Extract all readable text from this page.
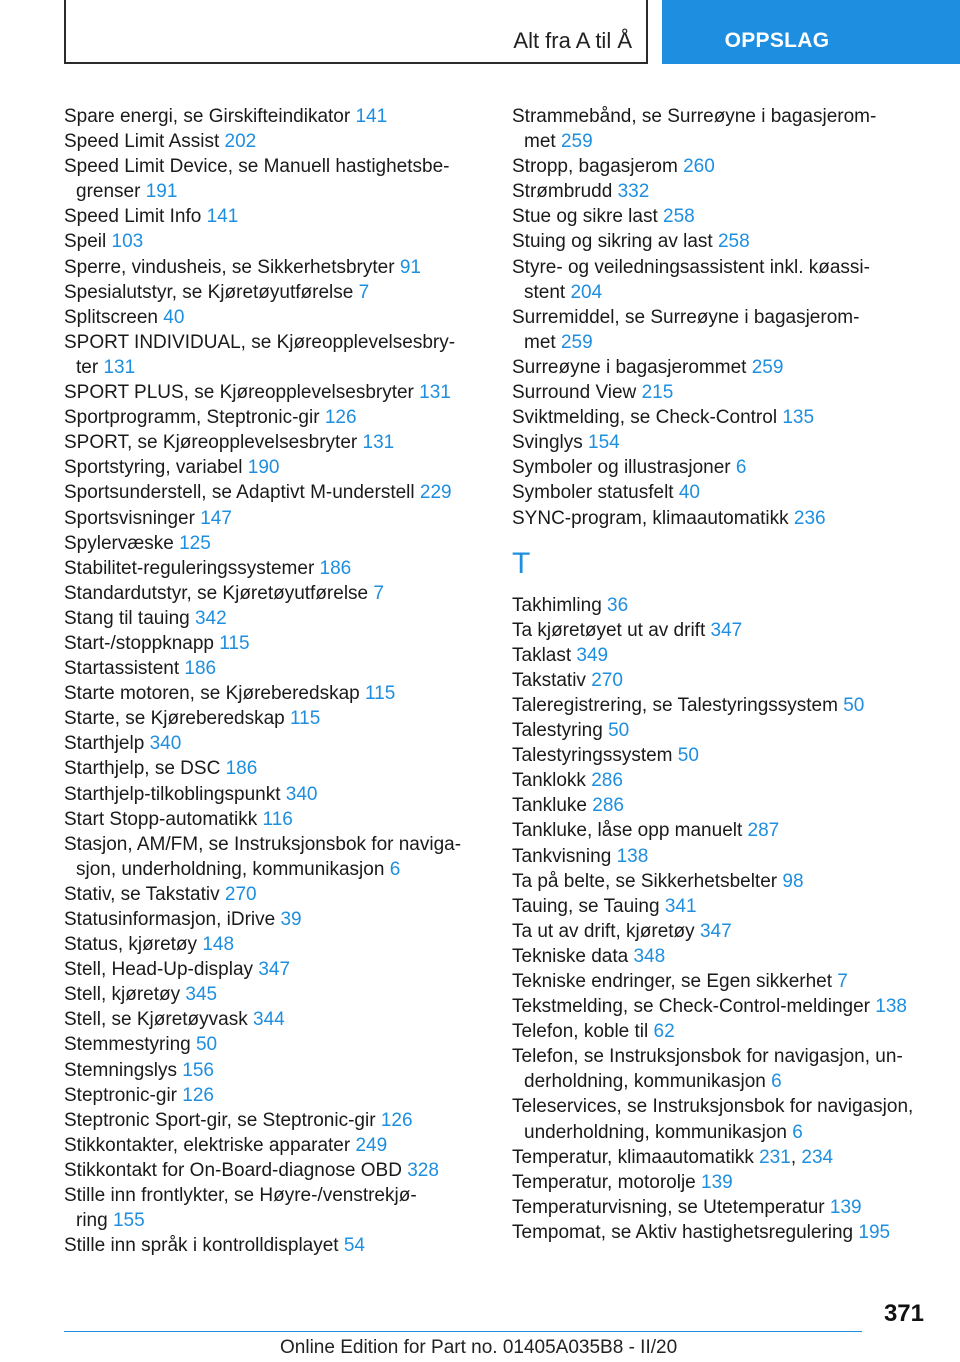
Alt fra A til Å	OPPSLAG
Spare energi, se Girskifteindikator 141
Speed Limit Assist 202
Speed Limit Device, se Manuell hastighetsbe-
grenser 191
Speed Limit Info 141
Speil 103
Sperre, vindusheis, se Sikkerhetsbryter 91
Spesialutstyr, se Kjøretøyutførelse 7
Splitscreen 40
SPORT INDIVIDUAL, se Kjøreopplevelsesbry-
ter 131
SPORT PLUS, se Kjøreopplevelsesbryter 131
Sportprogramm, Steptronic-gir 126
SPORT, se Kjøreopplevelsesbryter 131
Sportstyring, variabel 190
Sportsunderstell, se Adaptivt M-understell 229
Sportsvisninger 147
Spylervæske 125
Stabilitet-reguleringssystemer 186
Standardutstyr, se Kjøretøyutførelse 7
Stang til tauing 342
Start-/stoppknapp 115
Startassistent 186
Starte motoren, se Kjøreberedskap 115
Starte, se Kjøreberedskap 115
Starthjelp 340
Starthjelp, se DSC 186
Starthjelp-tilkoblingspunkt 340
Start Stopp-automatikk 116
Stasjon, AM/FM, se Instruksjonsbok for naviga-
sjon, underholdning, kommunikasjon 6
Stativ, se Takstativ 270
Statusinformasjon, iDrive 39
Status, kjøretøy 148
Stell, Head-Up-display 347
Stell, kjøretøy 345
Stell, se Kjøretøyvask 344
Stemmestyring 50
Stemningslys 156
Steptronic-gir 126
Steptronic Sport-gir, se Steptronic-gir 126
Stikkontakter, elektriske apparater 249
Stikkontakt for On-Board-diagnose OBD 328
Stille inn frontlykter, se Høyre-/venstrekjø-
ring 155
Stille inn språk i kontrolldisplayet 54
Strammebånd, se Surreøyne i bagasjerom-
met 259
Stropp, bagasjerom 260
Strømbrudd 332
Stue og sikre last 258
Stuing og sikring av last 258
Styre- og veiledningsassistent inkl. køassi-
stent 204
Surremiddel, se Surreøyne i bagasjerom-
met 259
Surreøyne i bagasjerommet 259
Surround View 215
Sviktmelding, se Check-Control 135
Svinglys 154
Symboler og illustrasjoner 6
Symboler statusfelt 40
SYNC-program, klimaautomatikk 236
T
Takhimling 36
Ta kjøretøyet ut av drift 347
Taklast 349
Takstativ 270
Taleregistrering, se Talestyringssystem 50
Talestyring 50
Talestyringssystem 50
Tanklokk 286
Tankluke 286
Tankluke, låse opp manuelt 287
Tankvisning 138
Ta på belte, se Sikkerhetsbelter 98
Tauing, se Tauing 341
Ta ut av drift, kjøretøy 347
Tekniske data 348
Tekniske endringer, se Egen sikkerhet 7
Tekstmelding, se Check-Control-meldinger 138
Telefon, koble til 62
Telefon, se Instruksjonsbok for navigasjon, un-
derholdning, kommunikasjon 6
Teleservices, se Instruksjonsbok for navigasjon,
underholdning, kommunikasjon 6
Temperatur, klimaautomatikk 231, 234
Temperatur, motorolje 139
Temperaturvisning, se Utetemperatur 139
Tempomat, se Aktiv hastighetsregulering 195
371
Online Edition for Part no. 01405A035B8 - II/20
